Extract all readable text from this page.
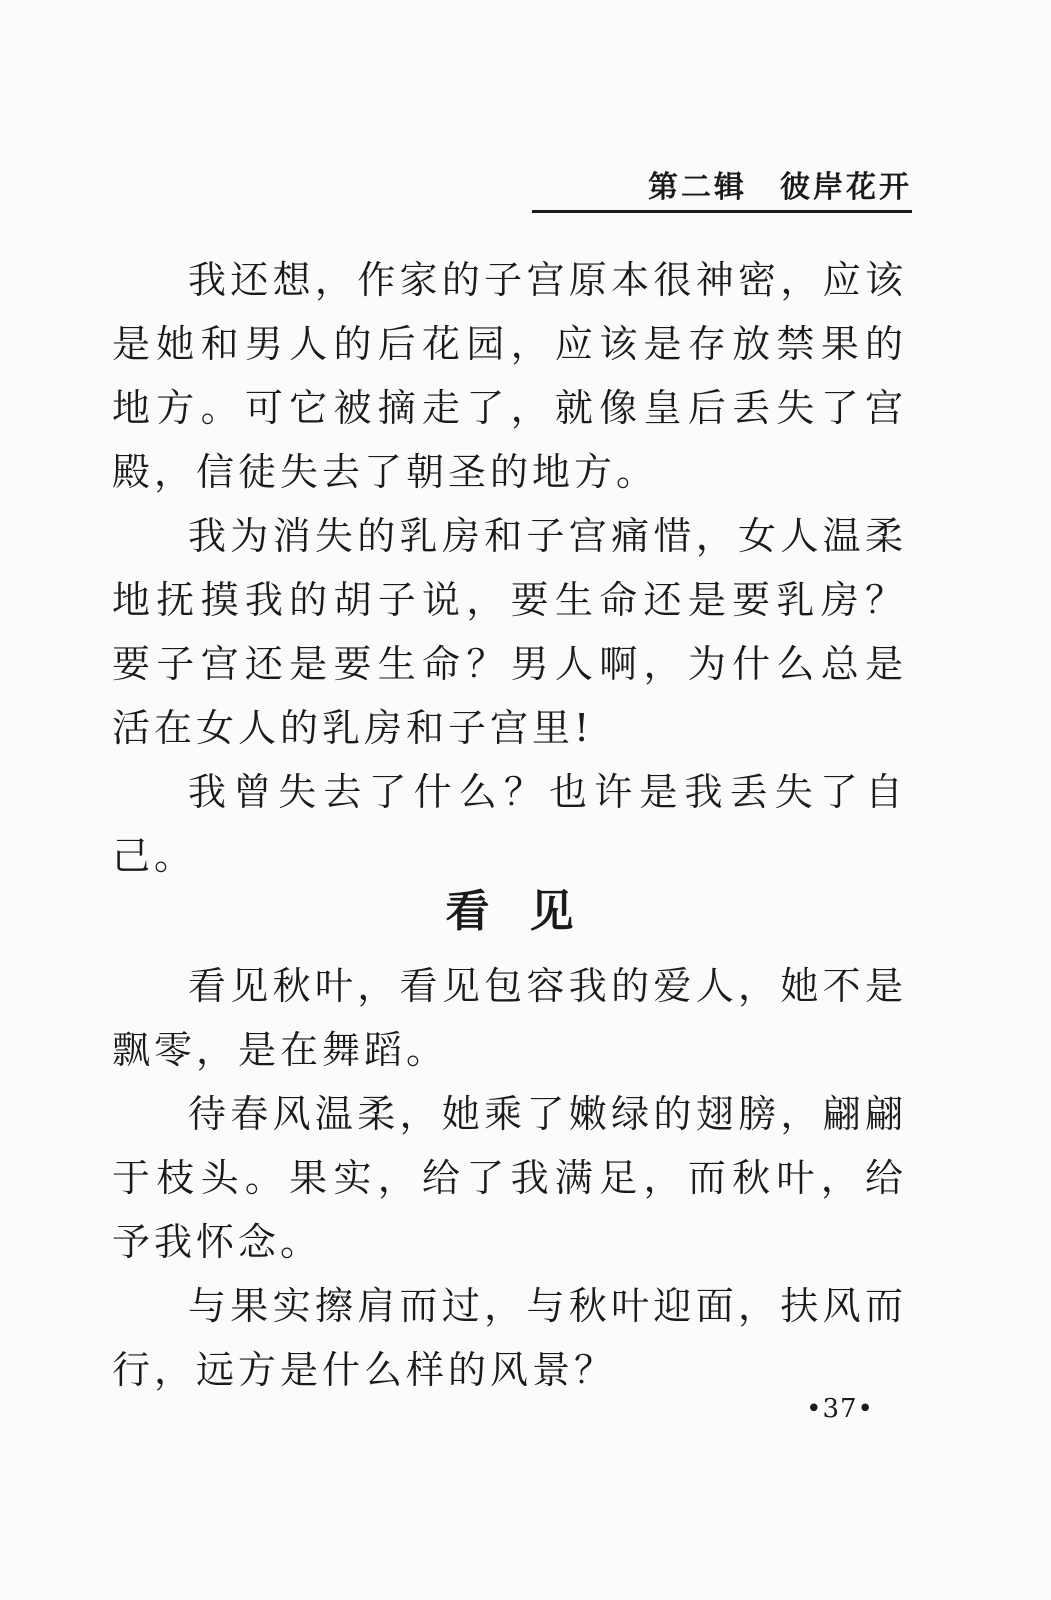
第二辑　彼岸花开

我还想，作家的子宫原本很神密，应该是她和男人的后花园，应该是存放禁果的地方。可它被摘走了，就像皇后丢失了宫殿，信徒失去了朝圣的地方。

我为消失的乳房和子宫痛惜，女人温柔地抚摸我的胡子说，要生命还是要乳房？要子宫还是要生命？男人啊，为什么总是活在女人的乳房和子宫里!

我曾失去了什么？也许是我丢失了自己。

看见

看见秋叶，看见包容我的爱人，她不是飘零，是在舞蹈。

待春风温柔，她乘了嫩绿的翅膀，翩翩于枝头。果实，给了我满足，而秋叶，给予我怀念。

与果实擦肩而过，与秋叶迎面，扶风而行，远方是什么样的风景？

•37•
